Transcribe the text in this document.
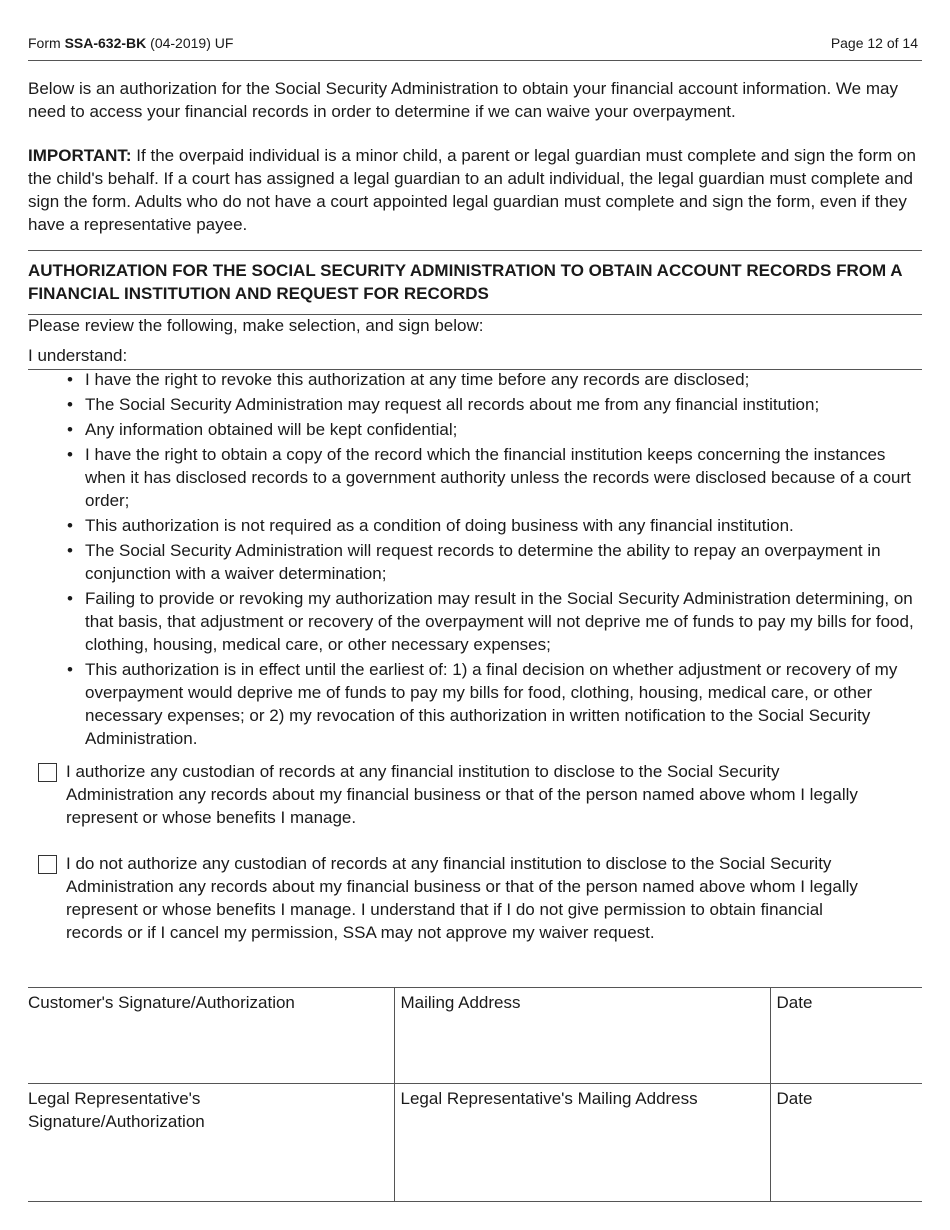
Form SSA-632-BK (04-2019) UF	Page 12 of 14

Below is an authorization for the Social Security Administration to obtain your financial account information. We may need to access your financial records in order to determine if we can waive your overpayment.

IMPORTANT: If the overpaid individual is a minor child, a parent or legal guardian must complete and sign the form on the child's behalf. If a court has assigned a legal guardian to an adult individual, the legal guardian must complete and sign the form. Adults who do not have a court appointed legal guardian must complete and sign the form, even if they have a representative payee.

AUTHORIZATION FOR THE SOCIAL SECURITY ADMINISTRATION TO OBTAIN ACCOUNT RECORDS FROM A FINANCIAL INSTITUTION AND REQUEST FOR RECORDS
Please review the following, make selection, and sign below:
I understand:
• I have the right to revoke this authorization at any time before any records are disclosed;
• The Social Security Administration may request all records about me from any financial institution;
• Any information obtained will be kept confidential;
• I have the right to obtain a copy of the record which the financial institution keeps concerning the instances when it has disclosed records to a government authority unless the records were disclosed because of a court order;
• This authorization is not required as a condition of doing business with any financial institution.
• The Social Security Administration will request records to determine the ability to repay an overpayment in conjunction with a waiver determination;
• Failing to provide or revoking my authorization may result in the Social Security Administration determining, on that basis, that adjustment or recovery of the overpayment will not deprive me of funds to pay my bills for food, clothing, housing, medical care, or other necessary expenses;
• This authorization is in effect until the earliest of: 1) a final decision on whether adjustment or recovery of my overpayment would deprive me of funds to pay my bills for food, clothing, housing, medical care, or other necessary expenses; or 2) my revocation of this authorization in written notification to the Social Security Administration.
I authorize any custodian of records at any financial institution to disclose to the Social Security Administration any records about my financial business or that of the person named above whom I legally represent or whose benefits I manage.
I do not authorize any custodian of records at any financial institution to disclose to the Social Security Administration any records about my financial business or that of the person named above whom I legally represent or whose benefits I manage. I understand that if I do not give permission to obtain financial records or if I cancel my permission, SSA may not approve my waiver request.
Customer's Signature/Authorization	Mailing Address	Date
Legal Representative's
Signature/Authorization	Legal Representative's Mailing Address	Date
